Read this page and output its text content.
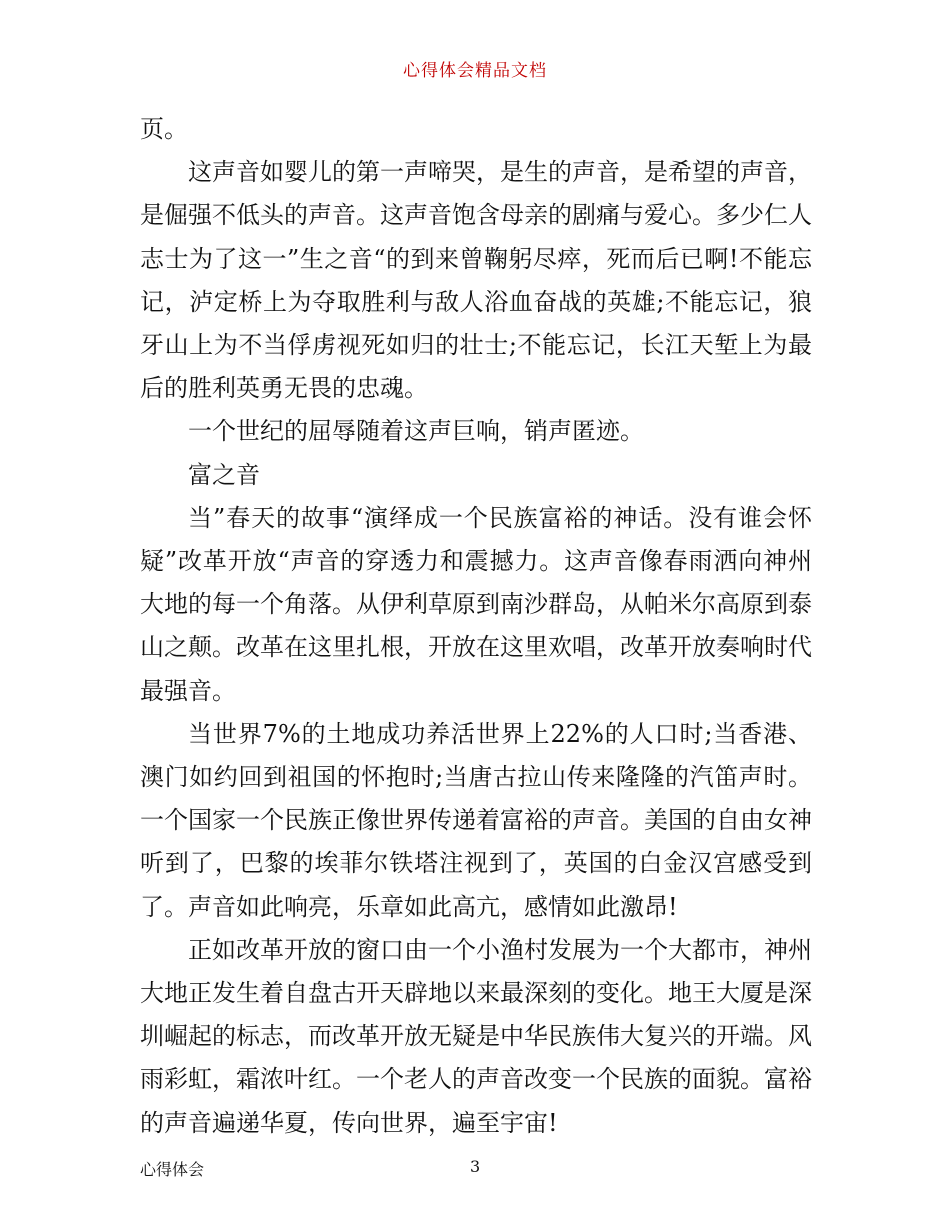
心得体会精品文档

页。

这声音如婴儿的第一声啼哭，是生的声音，是希望的声音，是倔强不低头的声音。这声音饱含母亲的剧痛与爱心。多少仁人志士为了这一”生之音“的到来曾鞠躬尽瘁，死而后已啊!不能忘记，泸定桥上为夺取胜利与敌人浴血奋战的英雄;不能忘记，狼牙山上为不当俘虏视死如归的壮士;不能忘记，长江天堑上为最后的胜利英勇无畏的忠魂。

一个世纪的屈辱随着这声巨响，销声匿迹。

富之音

当”春天的故事“演绎成一个民族富裕的神话。没有谁会怀疑”改革开放“声音的穿透力和震撼力。这声音像春雨洒向神州大地的每一个角落。从伊利草原到南沙群岛，从帕米尔高原到泰山之颠。改革在这里扎根，开放在这里欢唱，改革开放奏响时代最强音。

当世界7%的土地成功养活世界上22%的人口时;当香港、澳门如约回到祖国的怀抱时;当唐古拉山传来隆隆的汽笛声时。一个国家一个民族正像世界传递着富裕的声音。美国的自由女神听到了，巴黎的埃菲尔铁塔注视到了，英国的白金汉宫感受到了。声音如此响亮，乐章如此高亢，感情如此激昂!

正如改革开放的窗口由一个小渔村发展为一个大都市，神州大地正发生着自盘古开天辟地以来最深刻的变化。地王大厦是深圳崛起的标志，而改革开放无疑是中华民族伟大复兴的开端。风雨彩虹，霜浓叶红。一个老人的声音改变一个民族的面貌。富裕的声音遍递华夏，传向世界，遍至宇宙!

心得体会	3
